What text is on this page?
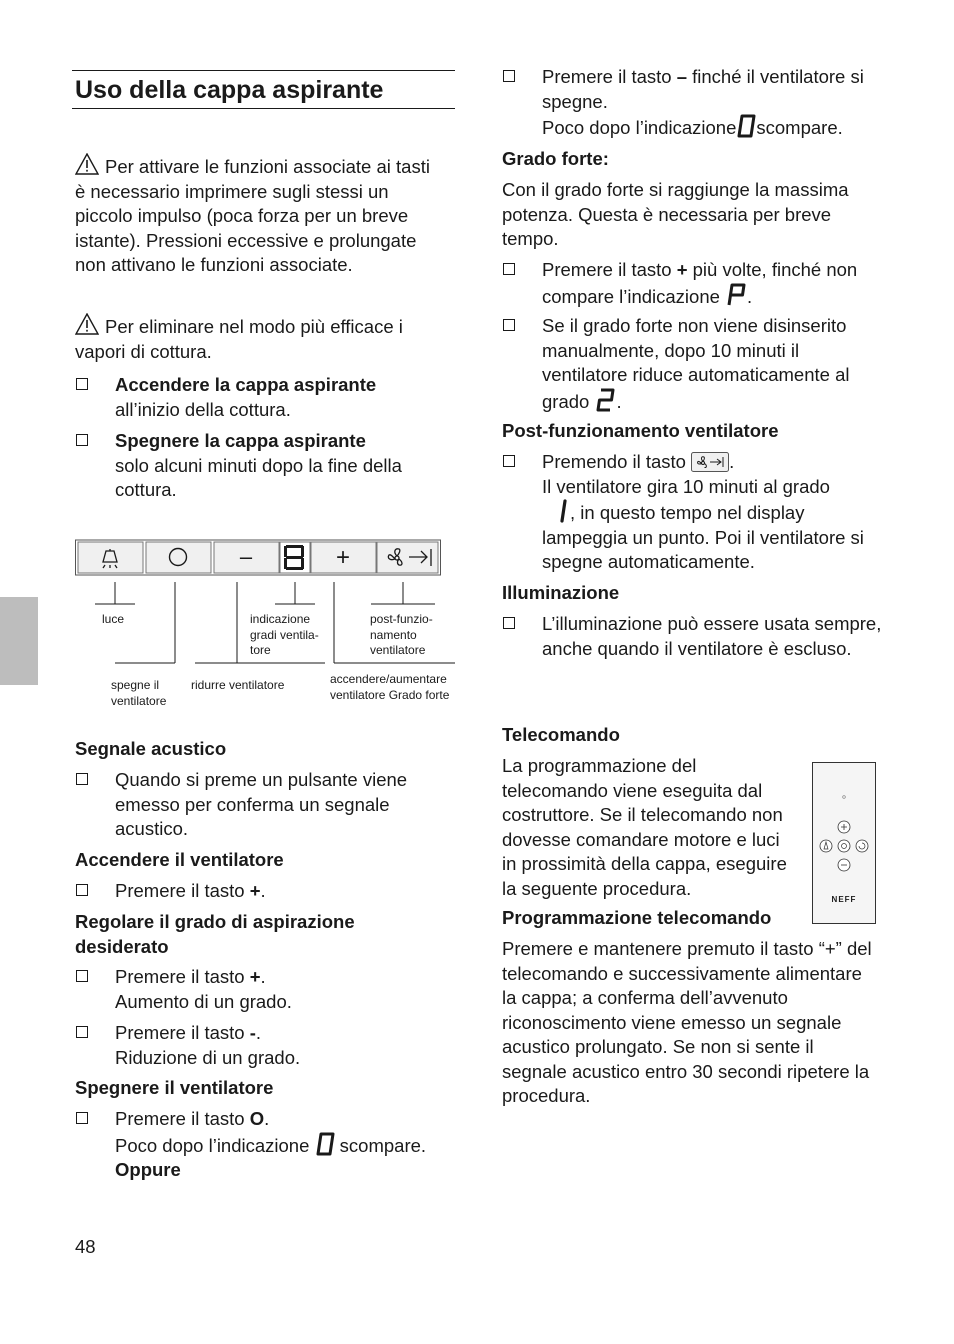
Uso della cappa aspirante

Per attivare le funzioni associate ai tasti è necessario imprimere sugli stessi un piccolo impulso (poca forza per un breve istante). Pressioni eccessive e prolungate non attivano le funzioni associate.

Per eliminare nel modo più efficace i vapori di cottura.

Accendere la cappa aspirante
all’inizio della cottura.
Spegnere la cappa aspirante
solo alcuni minuti dopo la fine della cottura.
–	+
luce	indicazione gradi ventila-tore
post-funzio-namento ventilatore
spegne il ventilatore
ridurre ventilatore	accendere/aumentare ventilatore Grado forte

Segnale acustico

Quando si preme un pulsante viene emesso per conferma un segnale acustico.

Accendere il ventilatore

Premere il tasto +.

Regolare il grado di aspirazione desiderato

Premere il tasto +.
Aumento di un grado.
Premere il tasto -.
Riduzione di un grado.

Spegnere il ventilatore

Premere il tasto O.
Poco dopo l’indicazione  scompare.
Oppure
Premere il tasto – finché il ventilatore si spegne.
Poco dopo l’indicazione scompare.

Grado forte:

Con il grado forte si raggiunge la massima potenza. Questa è necessaria per breve tempo.

Premere il tasto + più volte, finché non compare l’indicazione .
Se il grado forte non viene disinserito manualmente, dopo 10 minuti il ventilatore riduce automaticamente al grado .

Post-funzionamento ventilatore

Premendo il tasto .
Il ventilatore gira 10 minuti al grado
, in questo tempo nel display lampeggia un punto. Poi il ventilatore si spegne automaticamente.

Illuminazione

L’illuminazione può essere usata sempre, anche quando il ventilatore è escluso.

Telecomando

La programmazione del telecomando viene eseguita dal costruttore. Se il telecomando non dovesse comandare motore e luci in prossimità della cappa, eseguire la seguente procedura.

Programmazione telecomando

Premere e mantenere premuto il tasto “+” del telecomando e successivamente alimentare la cappa; a conferma dell’avvenuto riconoscimento viene emesso un segnale acustico prolungato. Se non si sente il segnale acustico entro 30 secondi ripetere la procedura.

NEFF
48
